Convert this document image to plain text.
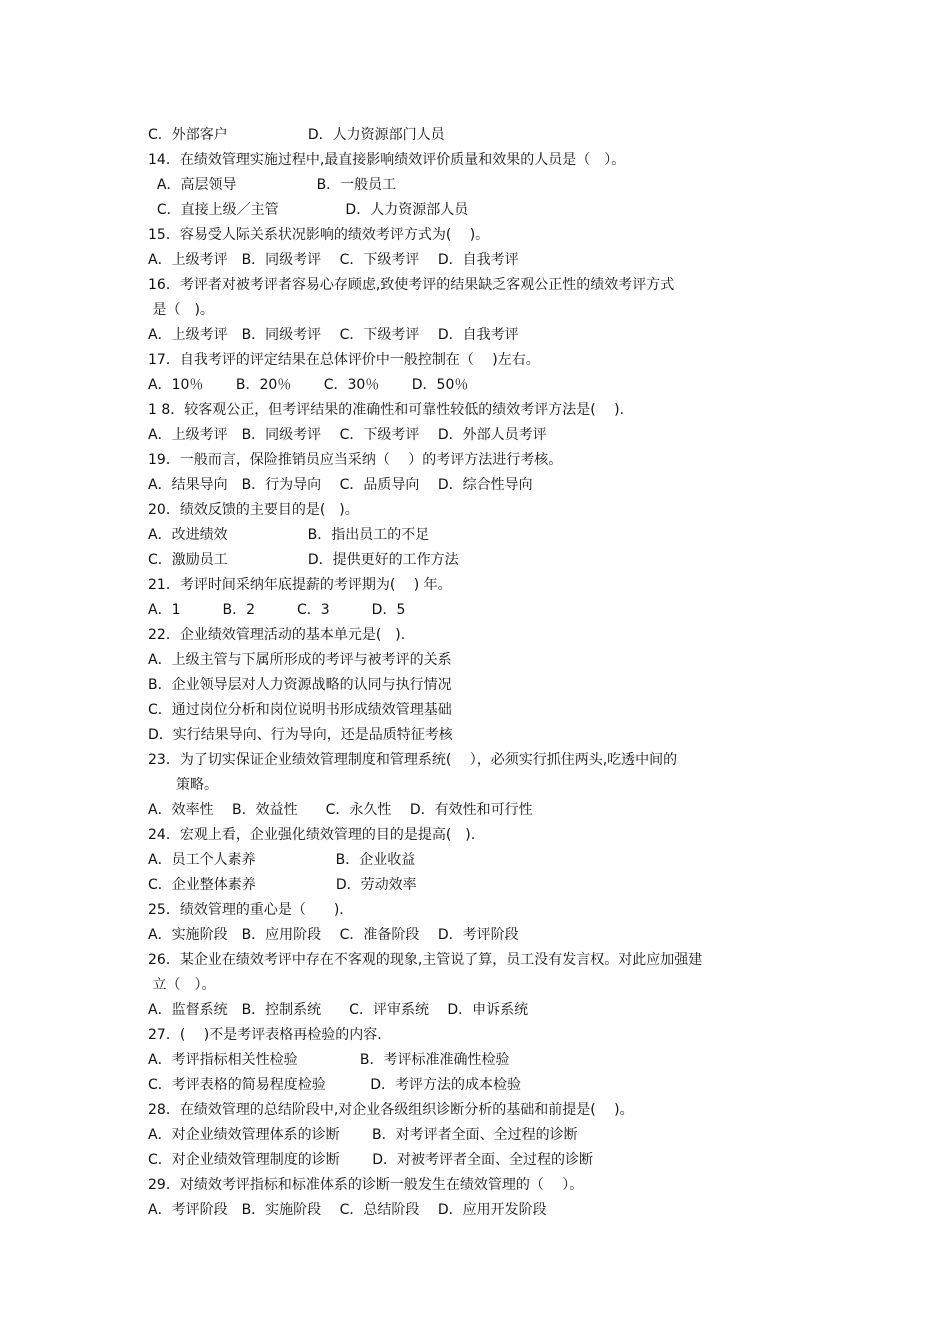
C．外部客户                  D．人力资源部门人员
14．在绩效管理实施过程中,最直接影响绩效评价质量和效果的人员是（　）。
A．高层领导                  B．一般员工
C．直接上级／主管               D．人力资源部人员
15．容易受人际关系状况影响的绩效考评方式为(　 )。
A．上级考评　B．同级考评　 C．下级考评　 D．自我考评
16．考评者对被考评者容易心存顾虑,致使考评的结果缺乏客观公正性的绩效考评方式
是（　)。
A．上级考评　B．同级考评　 C．下级考评　 D．自我考评
17．自我考评的评定结果在总体评价中一般控制在（　 )左右。
A．10％　　 B．20％　　 C．30％　　 D．50％
1 8．较客观公正，但考评结果的准确性和可靠性较低的绩效考评方法是(　 ).
A．上级考评　B．同级考评　 C．下级考评　 D．外部人员考评
19．一般而言，保险推销员应当采纳（　 ）的考评方法进行考核。
A．结果导向　B．行为导向　 C．品质导向　 D．综合性导向
20．绩效反馈的主要目的是(　)。
A．改进绩效                  B．指出员工的不足
C．激励员工                  D．提供更好的工作方法
21．考评时间采纳年底提薪的考评期为(　 ) 年。
A．1　　　B．2　　　C．3　　　D．5
22．企业绩效管理活动的基本单元是(　).
A．上级主管与下属所形成的考评与被考评的关系
B．企业领导层对人力资源战略的认同与执行情况
C．通过岗位分析和岗位说明书形成绩效管理基础
D．实行结果导向、行为导向，还是品质特征考核
23．为了切实保证企业绩效管理制度和管理系统(　 ），必须实行抓住两头,吃透中间的
　　策略。
A．效率性　 B．效益性　　C．永久性　 D．有效性和可行性
24．宏观上看，企业强化绩效管理的目的是提高(　).
A．员工个人素养                  B．企业收益
C．企业整体素养                  D．劳动效率
25．绩效管理的重心是（　　).
A．实施阶段　B．应用阶段　 C．准备阶段　 D．考评阶段
26．某企业在绩效考评中存在不客观的现象,主管说了算，员工没有发言权。对此应加强建
立（　）。
A．监督系统　B．控制系统　　C．评审系统　 D．申诉系统
27．(　 )不是考评表格再检验的内容.
A．考评指标相关性检验              B．考评标准准确性检验
C．考评表格的简易程度检验          D．考评方法的成本检验
28．在绩效管理的总结阶段中,对企业各级组织诊断分析的基础和前提是(　 )。
A．对企业绩效管理体系的诊断　　 B．对考评者全面、全过程的诊断
C．对企业绩效管理制度的诊断　　 D．对被考评者全面、全过程的诊断
29．对绩效考评指标和标准体系的诊断一般发生在绩效管理的（　 ）。
A．考评阶段　B．实施阶段　 C．总结阶段　 D．应用开发阶段
